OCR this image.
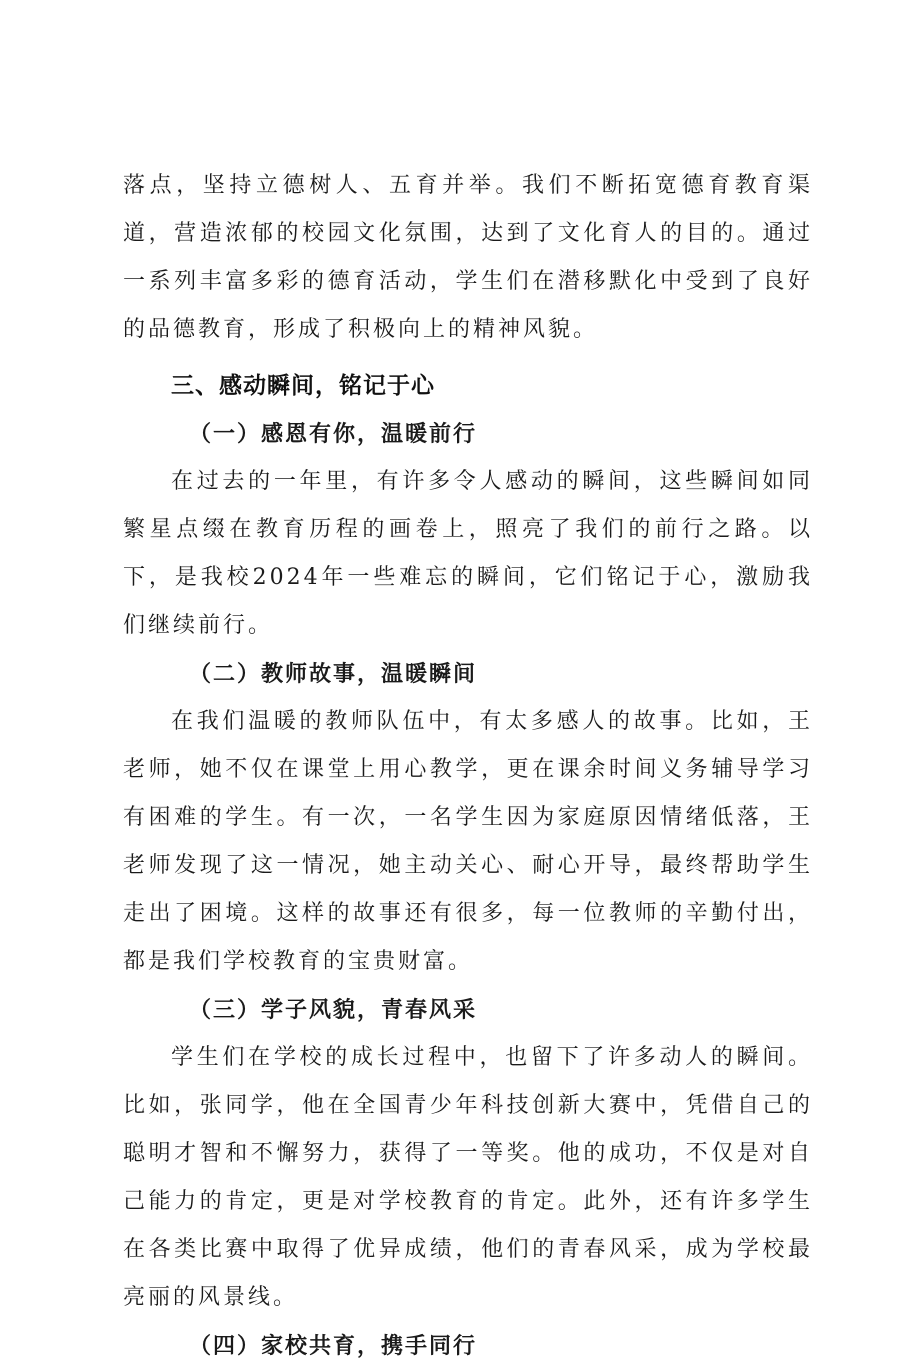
落点，坚持立德树人、五育并举。我们不断拓宽德育教育渠道，营造浓郁的校园文化氛围，达到了文化育人的目的。通过一系列丰富多彩的德育活动，学生们在潜移默化中受到了良好的品德教育，形成了积极向上的精神风貌。

三、感动瞬间，铭记于心
（一）感恩有你，温暖前行

在过去的一年里，有许多令人感动的瞬间，这些瞬间如同繁星点缀在教育历程的画卷上，照亮了我们的前行之路。以下，是我校2024年一些难忘的瞬间，它们铭记于心，激励我们继续前行。

（二）教师故事，温暖瞬间

在我们温暖的教师队伍中，有太多感人的故事。比如，王老师，她不仅在课堂上用心教学，更在课余时间义务辅导学习有困难的学生。有一次，一名学生因为家庭原因情绪低落，王老师发现了这一情况，她主动关心、耐心开导，最终帮助学生走出了困境。这样的故事还有很多，每一位教师的辛勤付出，都是我们学校教育的宝贵财富。

（三）学子风貌，青春风采

学生们在学校的成长过程中，也留下了许多动人的瞬间。比如，张同学，他在全国青少年科技创新大赛中，凭借自己的聪明才智和不懈努力，获得了一等奖。他的成功，不仅是对自己能力的肯定，更是对学校教育的肯定。此外，还有许多学生在各类比赛中取得了优异成绩，他们的青春风采，成为学校最亮丽的风景线。

（四）家校共育，携手同行
